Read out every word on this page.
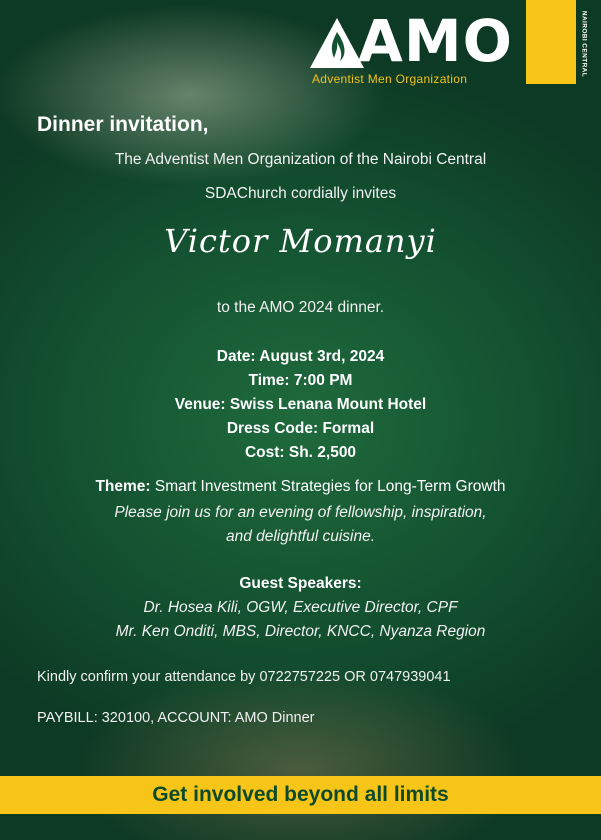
AMO
Adventist Men Organization
NAIROBI CENTRAL
Dinner invitation,
The Adventist Men Organization of the Nairobi Central
SDAChurch cordially invites
Victor Momanyi
to the AMO 2024 dinner.
Date: August 3rd, 2024
Time: 7:00 PM
Venue: Swiss Lenana Mount Hotel
Dress Code: Formal
Cost: Sh. 2,500
Theme: Smart Investment Strategies for Long-Term Growth
Please join us for an evening of fellowship, inspiration,
and delightful cuisine.
Guest Speakers:
Dr. Hosea Kili, OGW, Executive Director, CPF
Mr. Ken Onditi, MBS, Director, KNCC, Nyanza Region
Kindly confirm your attendance by 0722757225 OR 0747939041
PAYBILL: 320100, ACCOUNT: AMO Dinner
Get involved beyond all limits
